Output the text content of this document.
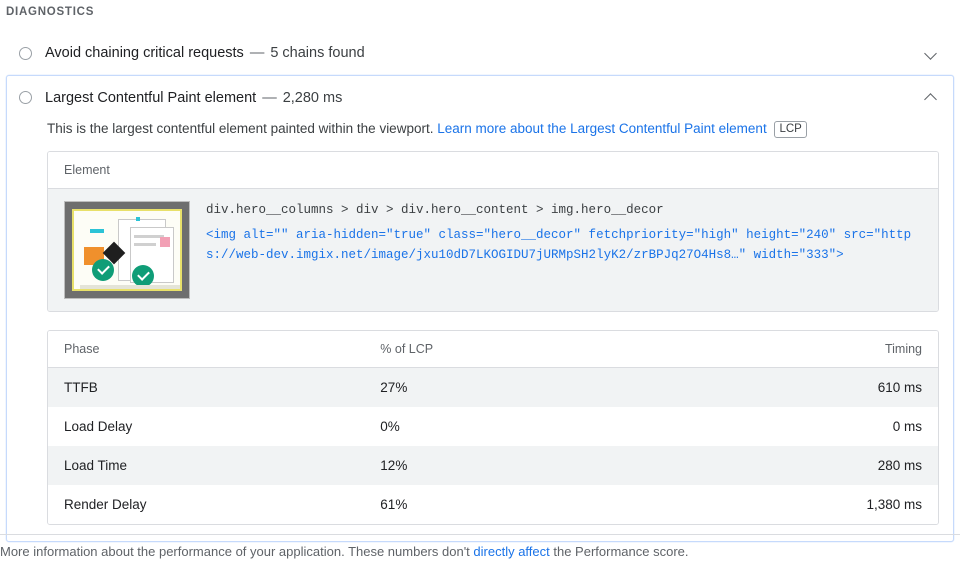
DIAGNOSTICS
Avoid chaining critical requests — 5 chains found
Largest Contentful Paint element — 2,280 ms
This is the largest contentful element painted within the viewport. Learn more about the Largest Contentful Paint element LCP
Element
div.hero__columns > div > div.hero__content > img.hero__decor
<img alt="" aria-hidden="true" class="hero__decor" fetchpriority="high" height="240" src="https://web-dev.imgix.net/image/jxu10dD7LKOGIDU7jURMpSH2lyK2/zrBPJq27O4Hs8…" width="333">
Phase	% of LCP	Timing
TTFB	27%	610 ms
Load Delay	0%	0 ms
Load Time	12%	280 ms
Render Delay	61%	1,380 ms
More information about the performance of your application. These numbers don't directly affect the Performance score.
